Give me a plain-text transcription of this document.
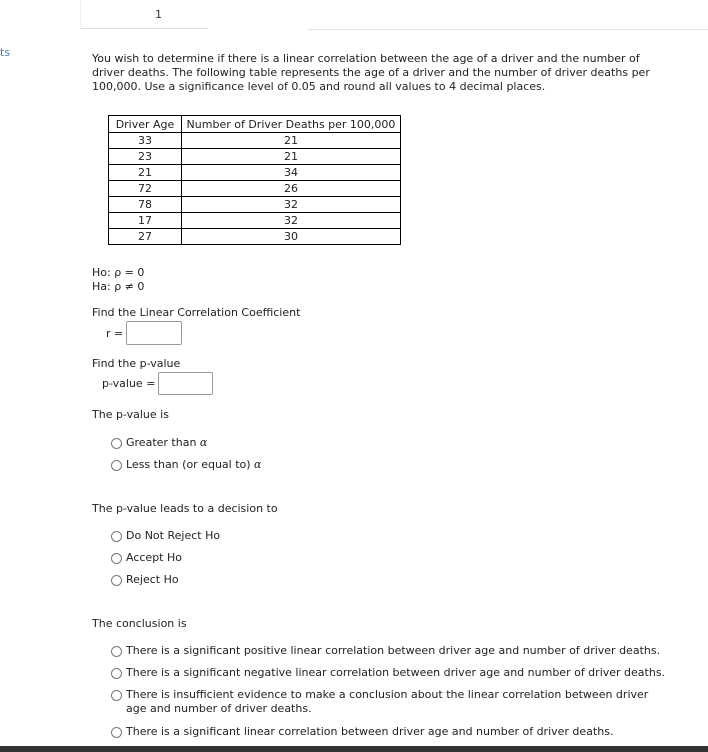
1
ts	You wish to determine if there is a linear correlation between the age of a driver and the number of driver deaths. The following table represents the age of a driver and the number of driver deaths per 100,000. Use a significance level of 0.05 and round all values to 4 decimal places.
Driver Age	Number of Driver Deaths per 100,000
33	21
23	21
21	34
72	26
78	32
17	32
27	30
Ho: ρ = 0
Ha: ρ ≠ 0
Find the Linear Correlation Coefficient
r =
Find the p-value
p-value =
The p-value is
Greater than α
Less than (or equal to) α
The p-value leads to a decision to
Do Not Reject Ho
Accept Ho
Reject Ho
The conclusion is
There is a significant positive linear correlation between driver age and number of driver deaths.
There is a significant negative linear correlation between driver age and number of driver deaths.
There is insufficient evidence to make a conclusion about the linear correlation between driver age and number of driver deaths.
There is a significant linear correlation between driver age and number of driver deaths.
